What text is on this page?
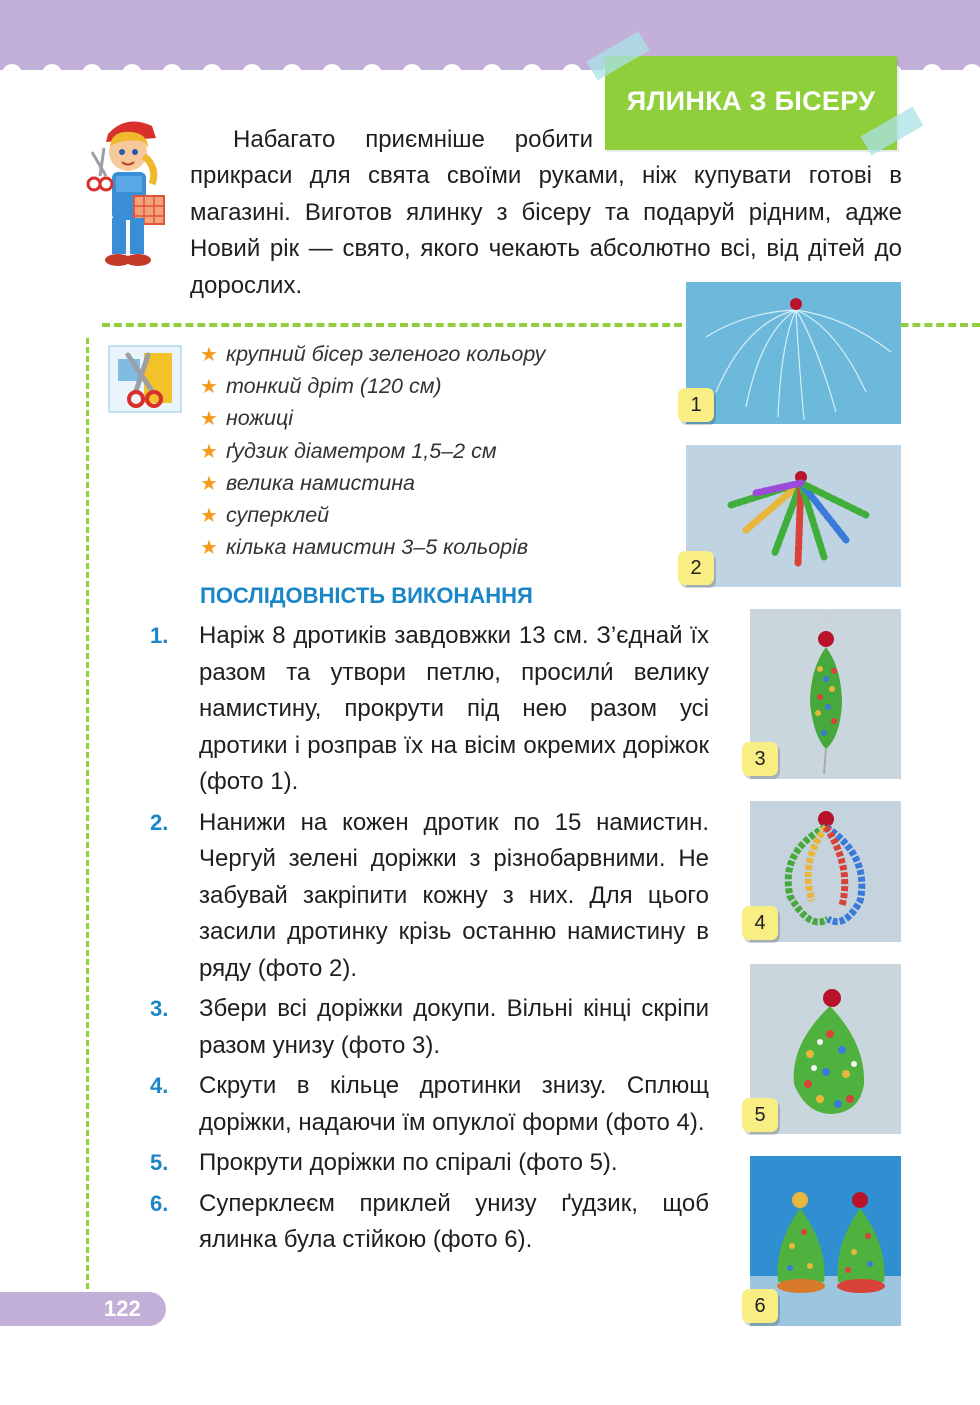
ЯЛИНКА З БІСЕРУ
Набагато приємніше робити
прикраси для свята своїми руками, ніж купувати готові в магазині. Виготов ялинку з бісеру та подаруй рідним, адже Новий рік — свято, якого чекають абсолютно всі, від дітей до дорослих.
★ крупний бісер зеленого кольору
★ тонкий дріт (120 см)
★ ножиці
★ ґудзик діаметром 1,5–2 см
★ велика намистина
★ суперклей
★ кілька намистин 3–5 кольорів
ПОСЛІДОВНІСТЬ ВИКОНАННЯ
1.	Наріж 8 дротиків завдовжки 13 см. З’єднай їх разом та утвори петлю, просили́ велику намистину, прокрути під нею разом усі дротики і розправ їх на вісім окремих доріжок (фото 1).
2.	Нанижи на кожен дротик по 15 намистин. Чергуй зелені доріжки з різнобарвними. Не забувай закріпити кожну з них. Для цього засили дротинку крізь останню намистину в ряду (фото 2).
3.	Збери всі доріжки докупи. Вільні кінці скріпи разом унизу (фото 3).
4.	Скрути в кільце дротинки знизу. Сплющ доріжки, надаючи їм опуклої форми (фото 4).
5.	Прокрути доріжки по спіралі (фото 5).
6.	Суперклеєм приклей унизу ґудзик, щоб ялинка була стійкою (фото 6).
1
2
3
4
5
6
122
